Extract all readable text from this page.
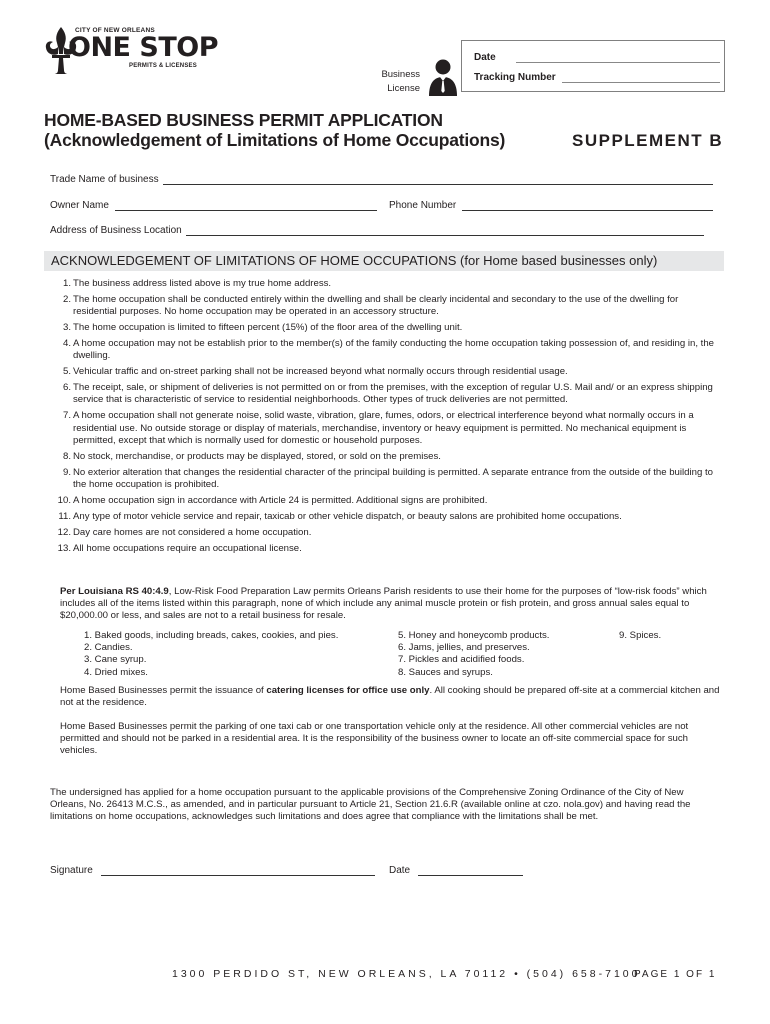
CITY OF NEW ORLEANS
ONE STOP
PERMITS & LICENSES
Business
License
Date
Tracking Number
HOME-BASED BUSINESS PERMIT APPLICATION
(Acknowledgement of Limitations of Home Occupations)	SUPPLEMENT B
Trade Name of business
Owner Name	Phone Number
Address of Business Location
ACKNOWLEDGEMENT OF LIMITATIONS OF HOME OCCUPATIONS (for Home based businesses only)
1. The business address listed above is my true home address.
2. The home occupation shall be conducted entirely within the dwelling and shall be clearly incidental and secondary to the use of the dwelling for residential purposes. No home occupation may be operated in an accessory structure.
3. The home occupation is limited to fifteen percent (15%) of the floor area of the dwelling unit.
4. A home occupation may not be establish prior to the member(s) of the family conducting the home occupation taking possession of, and residing in, the dwelling.
5. Vehicular traffic and on-street parking shall not be increased beyond what normally occurs through residential usage.
6. The receipt, sale, or shipment of deliveries is not permitted on or from the premises, with the exception of regular U.S. Mail and/ or an express shipping service that is characteristic of service to residential neighborhoods. Other types of truck deliveries are not permitted.
7. A home occupation shall not generate noise, solid waste, vibration, glare, fumes, odors, or electrical interference beyond what normally occurs in a residential use. No outside storage or display of materials, merchandise, inventory or heavy equipment is permitted. No mechanical equipment is permitted, except that which is normally used for domestic or household purposes.
8. No stock, merchandise, or products may be displayed, stored, or sold on the premises.
9. No exterior alteration that changes the residential character of the principal building is permitted. A separate entrance from the outside of the building to the home occupation is prohibited.
10. A home occupation sign in accordance with Article 24 is permitted. Additional signs are prohibited.
11. Any type of motor vehicle service and repair, taxicab or other vehicle dispatch, or beauty salons are prohibited home occupations.
12. Day care homes are not considered a home occupation.
13. All home occupations require an occupational license.
Per Louisiana RS 40:4.9, Low-Risk Food Preparation Law permits Orleans Parish residents to use their home for the purposes of “low-risk foods” which includes all of the items listed within this paragraph, none of which include any animal muscle protein or fish protein, and gross annual sales equal to $20,000.00 or less, and sales are not to a retail business for resale.
1. Baked goods, including breads, cakes, cookies, and pies.
2. Candies.
3. Cane syrup.
4. Dried mixes.
5. Honey and honeycomb products.
6. Jams, jellies, and preserves.
7. Pickles and acidified foods.
8. Sauces and syrups.
9. Spices.
Home Based Businesses permit the issuance of catering licenses for office use only. All cooking should be prepared off-site at a commercial kitchen and not at the residence.
Home Based Businesses permit the parking of one taxi cab or one transportation vehicle only at the residence. All other commercial vehicles are not permitted and should not be parked in a residential area. It is the responsibility of the business owner to locate an off-site commercial space for such vehicles.
The undersigned has applied for a home occupation pursuant to the applicable provisions of the Comprehensive Zoning Ordinance of the City of New Orleans, No. 26413 M.C.S., as amended, and in particular pursuant to Article 21, Section 21.6.R (available online at czo. nola.gov) and having read the limitations on home occupations, acknowledges such limitations and does agree that compliance with the limitations shall be met.
Signature	Date
1300 PERDIDO ST, NEW ORLEANS, LA 70112 • (504) 658-7100
PAGE 1 OF 1
